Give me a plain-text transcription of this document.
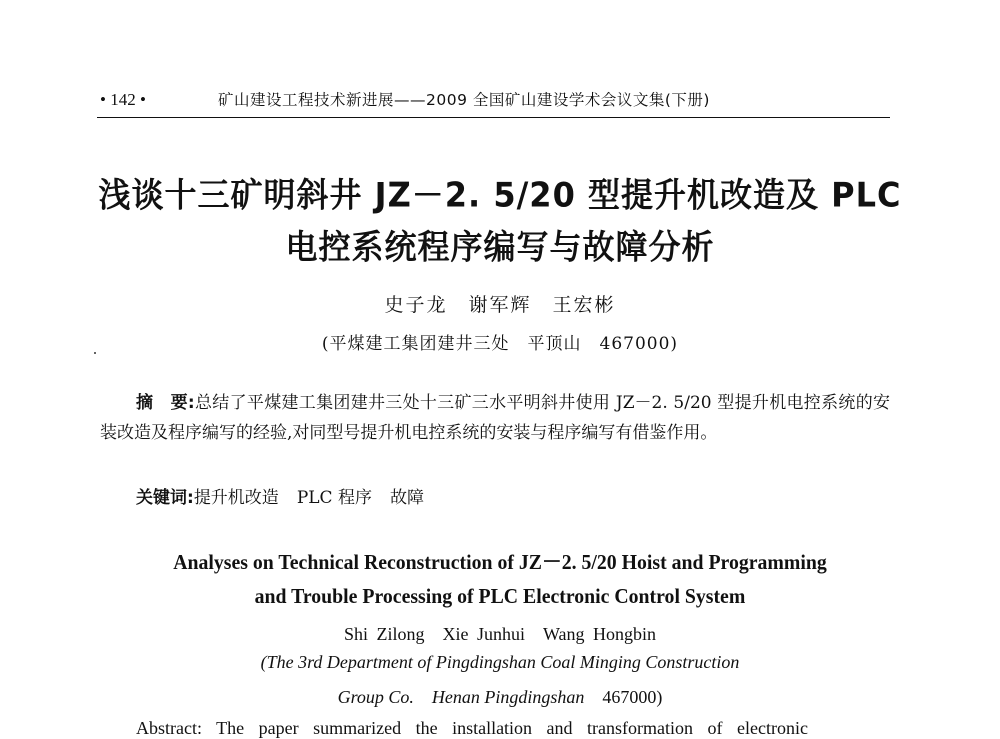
• 142 •	矿山建设工程技术新进展——2009 全国矿山建设学术会议文集(下册)
浅谈十三矿明斜井 JZ－2. 5/20 型提升机改造及 PLC
电控系统程序编写与故障分析
史子龙　谢军辉　王宏彬
(平煤建工集团建井三处　平顶山　467000)
摘　要:总结了平煤建工集团建井三处十三矿三水平明斜井使用 JZ－2. 5/20 型提升机电控系统的安装改造及程序编写的经验,对同型号提升机电控系统的安装与程序编写有借鉴作用。
关键词:提升机改造 PLC 程序 故障
Analyses on Technical Reconstruction of JZ－2. 5/20 Hoist and Programming
and Trouble Processing of PLC Electronic Control System
Shi Zilong　Xie Junhui　Wang Hongbin
(The 3rd Department of Pingdingshan Coal Minging Construction
Group Co.　Henan Pingdingshan　 467000)
Abstract: The paper summarized the installation and transformation of electronic
